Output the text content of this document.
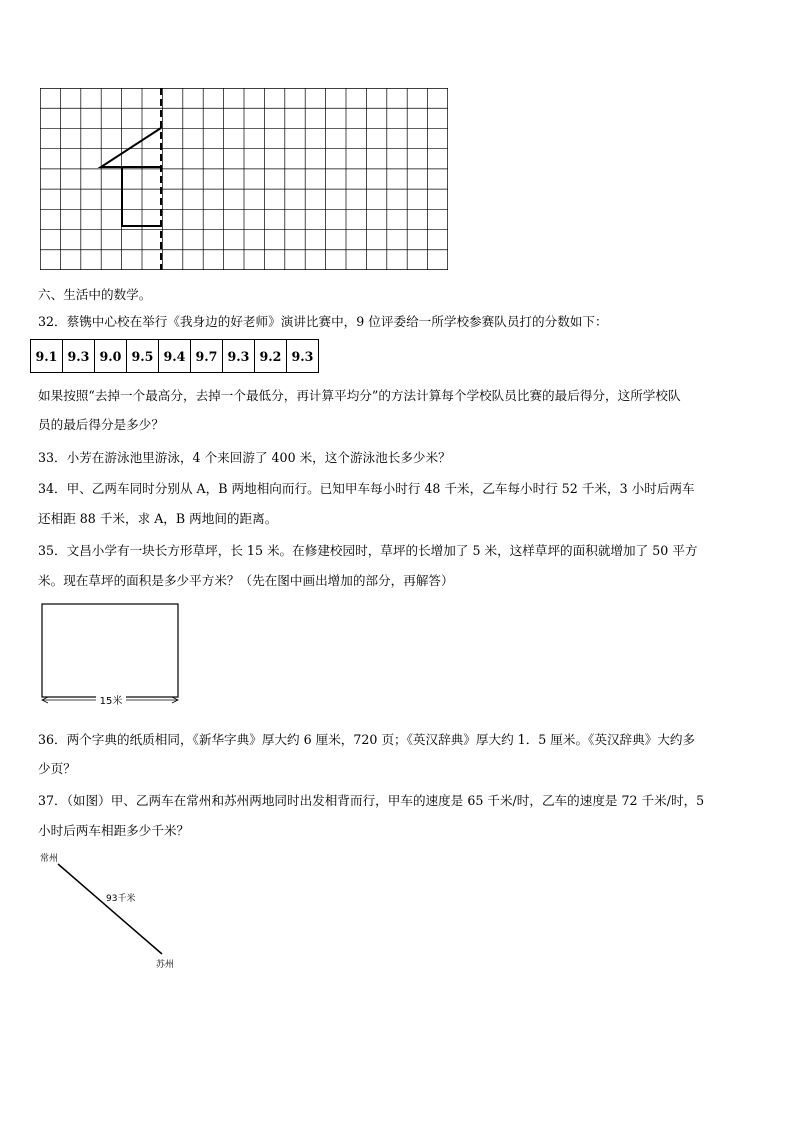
六、生活中的数学。
32．蔡镌中心校在举行《我身边的好老师》演讲比赛中，9 位评委给一所学校参赛队员打的分数如下：
9.1	9.3	9.0	9.5	9.4	9.7	9.3	9.2	9.3
如果按照“去掉一个最高分，去掉一个最低分，再计算平均分”的方法计算每个学校队员比赛的最后得分，这所学校队
员的最后得分是多少？
33．小芳在游泳池里游泳，4 个来回游了 400 米，这个游泳池长多少米？
34．甲、乙两车同时分别从 A，B 两地相向而行。已知甲车每小时行 48 千米，乙车每小时行 52 千米，3 小时后两车
还相距 88 千米，求 A，B 两地间的距离。
35．文昌小学有一块长方形草坪，长 15 米。在修建校园时，草坪的长增加了 5 米，这样草坪的面积就增加了 50 平方
米。现在草坪的面积是多少平方米？（先在图中画出增加的部分，再解答）
15米
36．两个字典的纸质相同，《新华字典》厚大约 6 厘米，720 页；《英汉辞典》厚大约 1．5 厘米。《英汉辞典》大约多
少页？
37．（如图）甲、乙两车在常州和苏州两地同时出发相背而行，甲车的速度是 65 千米/时，乙车的速度是 72 千米/时，5
小时后两车相距多少千米？
常州
93千米
苏州
